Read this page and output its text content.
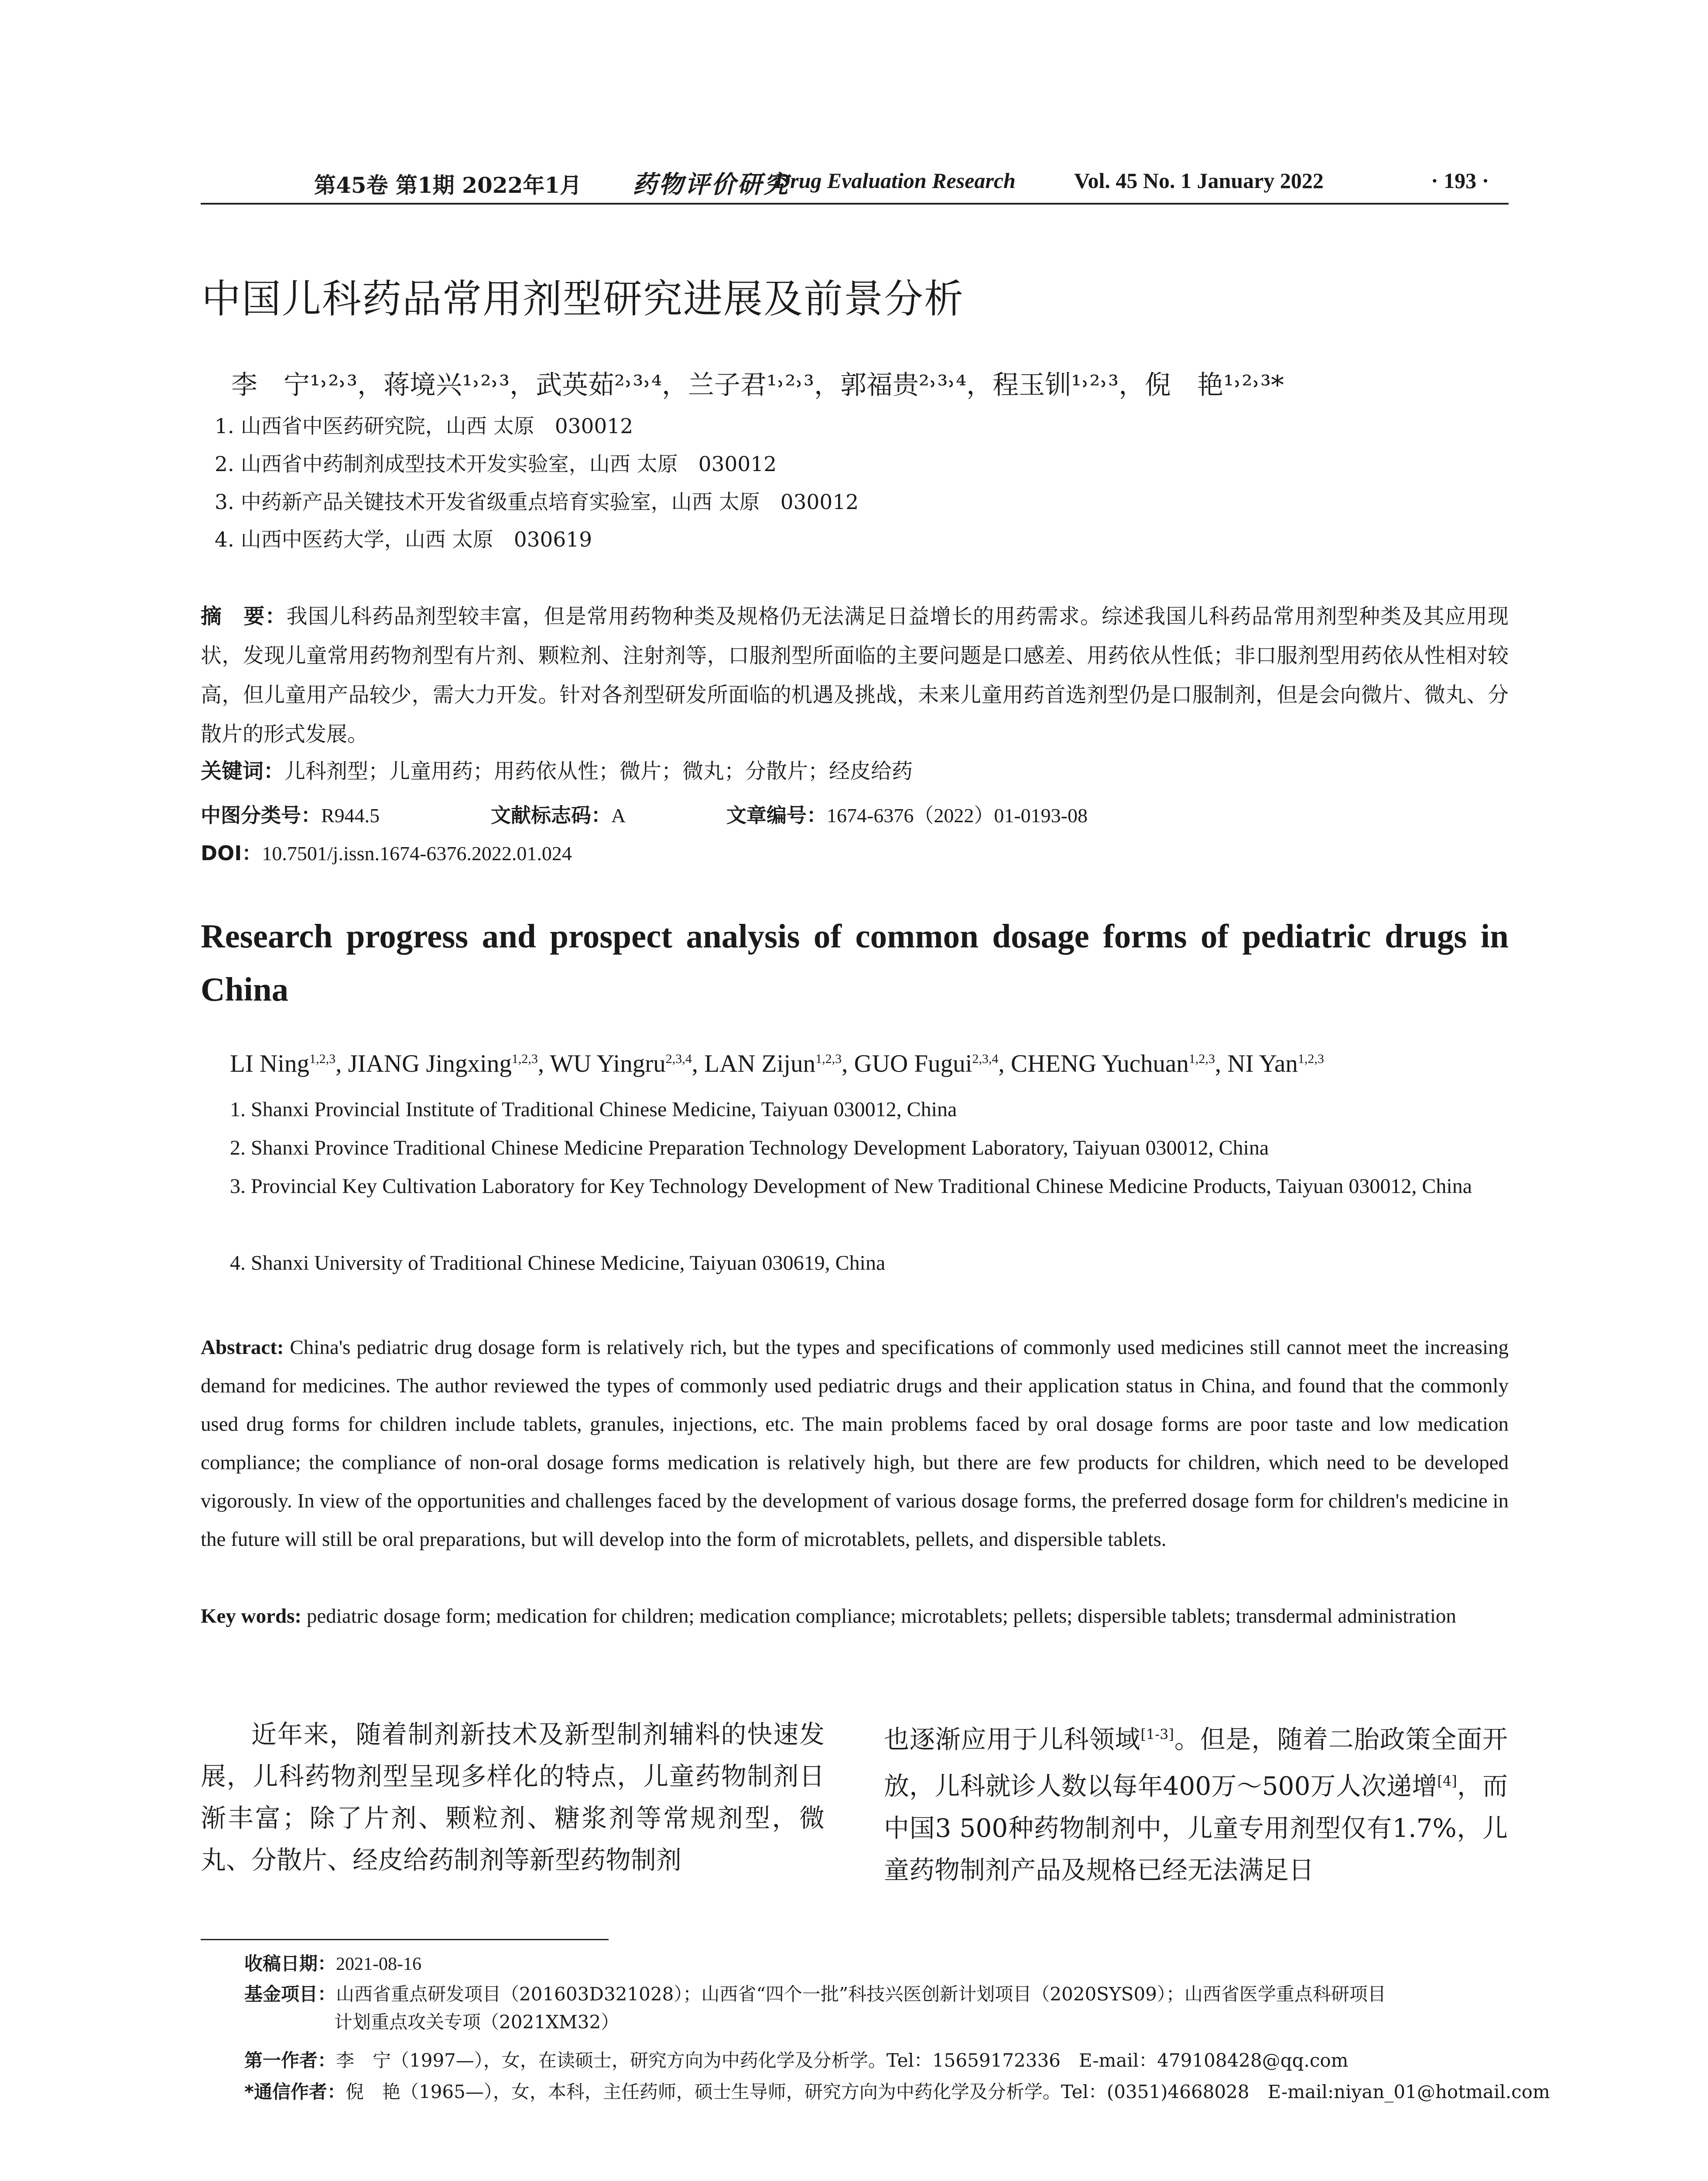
第45卷 第1期 2022年1月 药物评价研究
Drug Evaluation Research	Vol. 45 No. 1 January 2022	· 193 ·
中国儿科药品常用剂型研究进展及前景分析
李　宁¹˒²˒³，蒋境兴¹˒²˒³，武英茹²˒³˒⁴，兰子君¹˒²˒³，郭福贵²˒³˒⁴，程玉钏¹˒²˒³，倪　艳¹˒²˒³*
1. 山西省中医药研究院，山西 太原　030012
2. 山西省中药制剂成型技术开发实验室，山西 太原　030012
3. 中药新产品关键技术开发省级重点培育实验室，山西 太原　030012
4. 山西中医药大学，山西 太原　030619
摘　要：我国儿科药品剂型较丰富，但是常用药物种类及规格仍无法满足日益增长的用药需求。综述我国儿科药品常用剂型种类及其应用现状，发现儿童常用药物剂型有片剂、颗粒剂、注射剂等，口服剂型所面临的主要问题是口感差、用药依从性低；非口服剂型用药依从性相对较高，但儿童用产品较少，需大力开发。针对各剂型研发所面临的机遇及挑战，未来儿童用药首选剂型仍是口服制剂，但是会向微片、微丸、分散片的形式发展。
关键词：儿科剂型；儿童用药；用药依从性；微片；微丸；分散片；经皮给药
中图分类号：R944.5	文献标志码：A	文章编号：1674-6376（2022）01-0193-08
DOI：10.7501/j.issn.1674-6376.2022.01.024
Research progress and prospect analysis of common dosage forms of pediatric drugs in China
LI Ning$^{1,2,3}$, JIANG Jingxing$^{1,2,3}$, WU Yingru$^{2,3,4}$, LAN Zijun$^{1,2,3}$, GUO Fugui$^{2,3,4}$, CHENG Yuchuan$^{1,2,3}$, NI Yan$^{1,2,3}$
1. Shanxi Provincial Institute of Traditional Chinese Medicine, Taiyuan 030012, China
2. Shanxi Province Traditional Chinese Medicine Preparation Technology Development Laboratory, Taiyuan 030012, China
3. Provincial Key Cultivation Laboratory for Key Technology Development of New Traditional Chinese Medicine Products, Taiyuan 030012, China
4. Shanxi University of Traditional Chinese Medicine, Taiyuan 030619, China
Abstract: China's pediatric drug dosage form is relatively rich, but the types and specifications of commonly used medicines still cannot meet the increasing demand for medicines. The author reviewed the types of commonly used pediatric drugs and their application status in China, and found that the commonly used drug forms for children include tablets, granules, injections, etc. The main problems faced by oral dosage forms are poor taste and low medication compliance; the compliance of non-oral dosage forms medication is relatively high, but there are few products for children, which need to be developed vigorously. In view of the opportunities and challenges faced by the development of various dosage forms, the preferred dosage form for children's medicine in the future will still be oral preparations, but will develop into the form of microtablets, pellets, and dispersible tablets.
Key words: pediatric dosage form; medication for children; medication compliance; microtablets; pellets; dispersible tablets; transdermal administration
近年来，随着制剂新技术及新型制剂辅料的快速发展，儿科药物剂型呈现多样化的特点，儿童药物制剂日渐丰富；除了片剂、颗粒剂、糖浆剂等常规剂型，微丸、分散片、经皮给药制剂等新型药物制剂
也逐渐应用于儿科领域[1-3]。但是，随着二胎政策全面开放，儿科就诊人数以每年400万～500万人次递增[4]，而中国3 500种药物制剂中，儿童专用剂型仅有1.7%，儿童药物制剂产品及规格已经无法满足日
收稿日期：2021-08-16
基金项目：山西省重点研发项目（201603D321028）；山西省“四个一批”科技兴医创新计划项目（2020SYS09）；山西省医学重点科研项目
计划重点攻关专项（2021XM32）
第一作者：李　宁（1997—），女，在读硕士，研究方向为中药化学及分析学。Tel：15659172336　E-mail：479108428@qq.com
*通信作者：倪　艳（1965—），女，本科，主任药师，硕士生导师，研究方向为中药化学及分析学。Tel：(0351)4668028　E-mail:niyan_01@hotmail.com
